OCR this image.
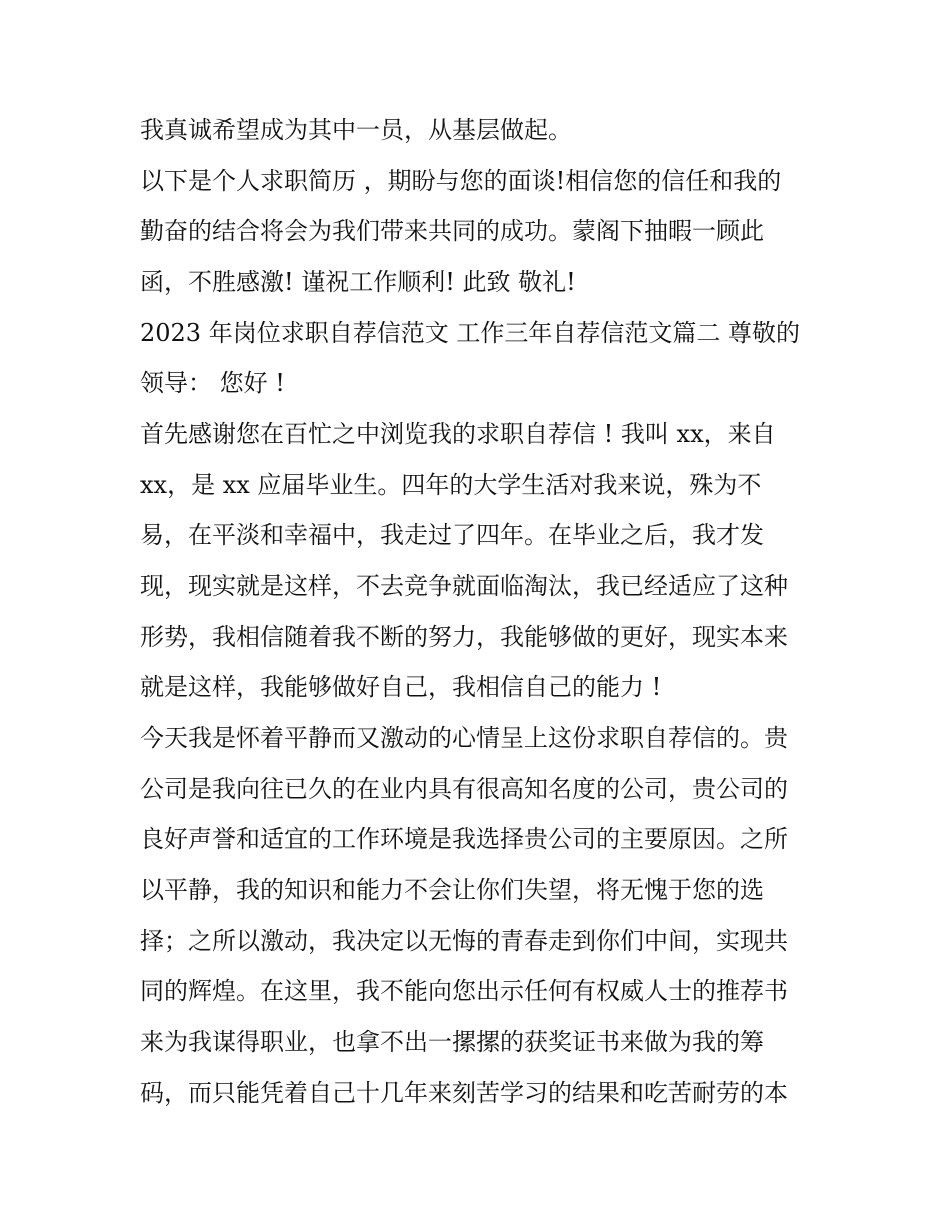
我真诚希望成为其中一员，从基层做起。
以下是个人求职简历 ，期盼与您的面谈!相信您的信任和我的
勤奋的结合将会为我们带来共同的成功。蒙阁下抽暇一顾此
函，不胜感激! 谨祝工作顺利! 此致 敬礼!
2023 年岗位求职自荐信范文 工作三年自荐信范文篇二 尊敬的
领导： 您好 !
首先感谢您在百忙之中浏览我的求职自荐信 ! 我叫 xx，来自
xx，是 xx 应届毕业生。四年的大学生活对我来说，殊为不
易，在平淡和幸福中，我走过了四年。在毕业之后，我才发
现，现实就是这样，不去竞争就面临淘汰，我已经适应了这种
形势，我相信随着我不断的努力，我能够做的更好，现实本来
就是这样，我能够做好自己，我相信自己的能力 !
今天我是怀着平静而又激动的心情呈上这份求职自荐信的。贵
公司是我向往已久的在业内具有很高知名度的公司，贵公司的
良好声誉和适宜的工作环境是我选择贵公司的主要原因。之所
以平静，我的知识和能力不会让你们失望，将无愧于您的选
择；之所以激动，我决定以无悔的青春走到你们中间，实现共
同的辉煌。在这里，我不能向您出示任何有权威人士的推荐书
来为我谋得职业，也拿不出一摞摞的获奖证书来做为我的筹
码，而只能凭着自己十几年来刻苦学习的结果和吃苦耐劳的本
